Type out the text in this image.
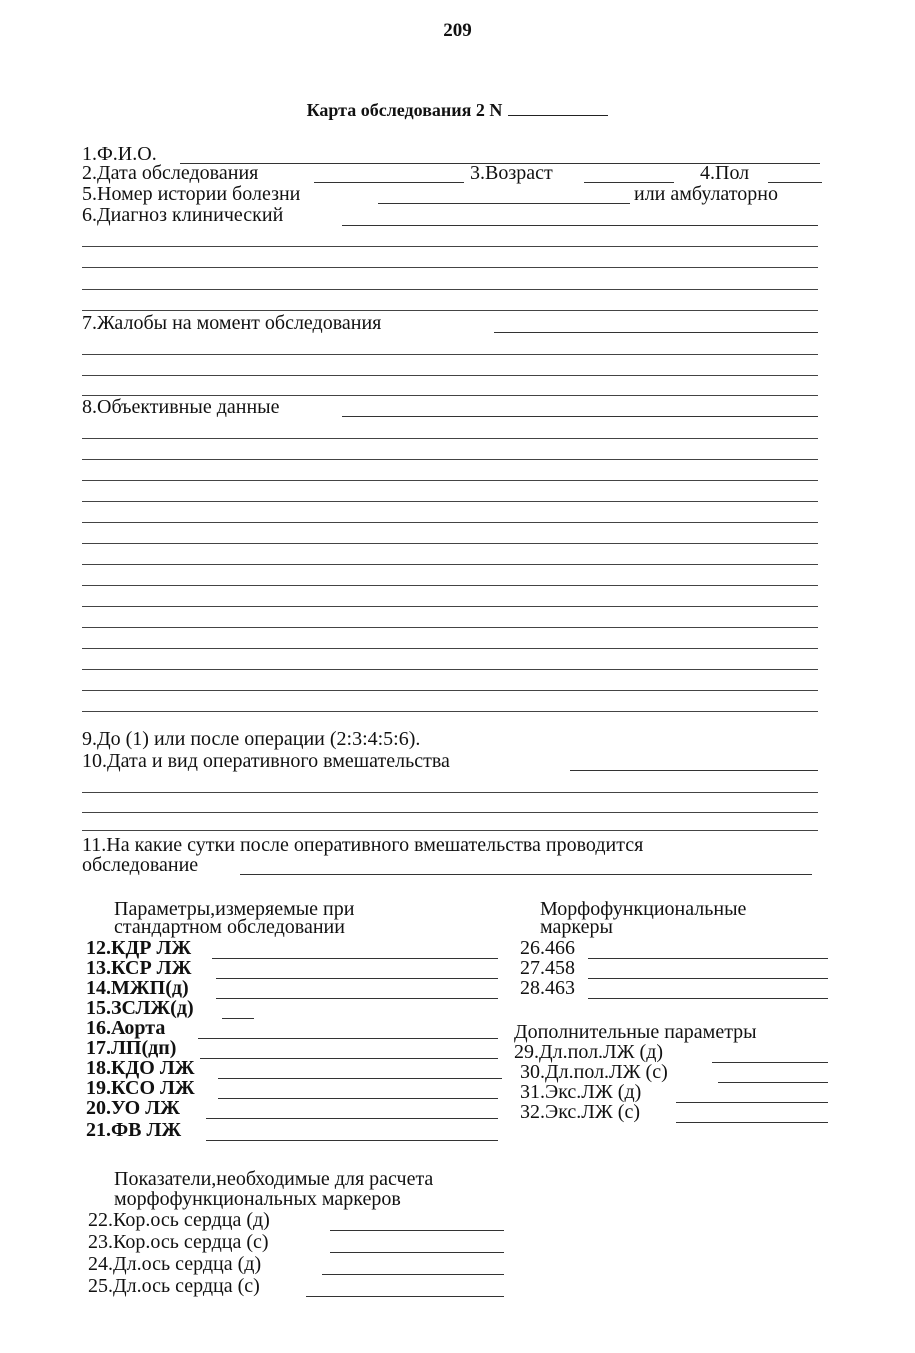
209
Карта обследования 2 N
1.Ф.И.О.
2.Дата обследования	3.Возраст	4.Пол
5.Номер истории болезни	или амбулаторно
6.Диагноз клинический
7.Жалобы на момент обследования
8.Объективные данные
9.До (1) или после операции (2:3:4:5:6).
10.Дата и вид оперативного вмешательства
11.На какие сутки после оперативного вмешательства проводится
обследование
Параметры,измеряемые при
стандартном обследовании
Морфофункциональные
маркеры
12.КДР ЛЖ
13.КСР ЛЖ
14.МЖП(д)
15.ЗСЛЖ(д)
16.Аорта
17.ЛП(дп)
18.КДО ЛЖ
19.КСО ЛЖ
20.УО ЛЖ
21.ФВ ЛЖ
26.466
27.458
28.463
Дополнительные параметры
29.Дл.пол.ЛЖ (д)
30.Дл.пол.ЛЖ (с)
31.Экс.ЛЖ (д)
32.Экс.ЛЖ (с)
Показатели,необходимые для расчета
морфофункциональных маркеров
22.Кор.ось сердца (д)
23.Кор.ось сердца (с)
24.Дл.ось сердца (д)
25.Дл.ось сердца (с)
